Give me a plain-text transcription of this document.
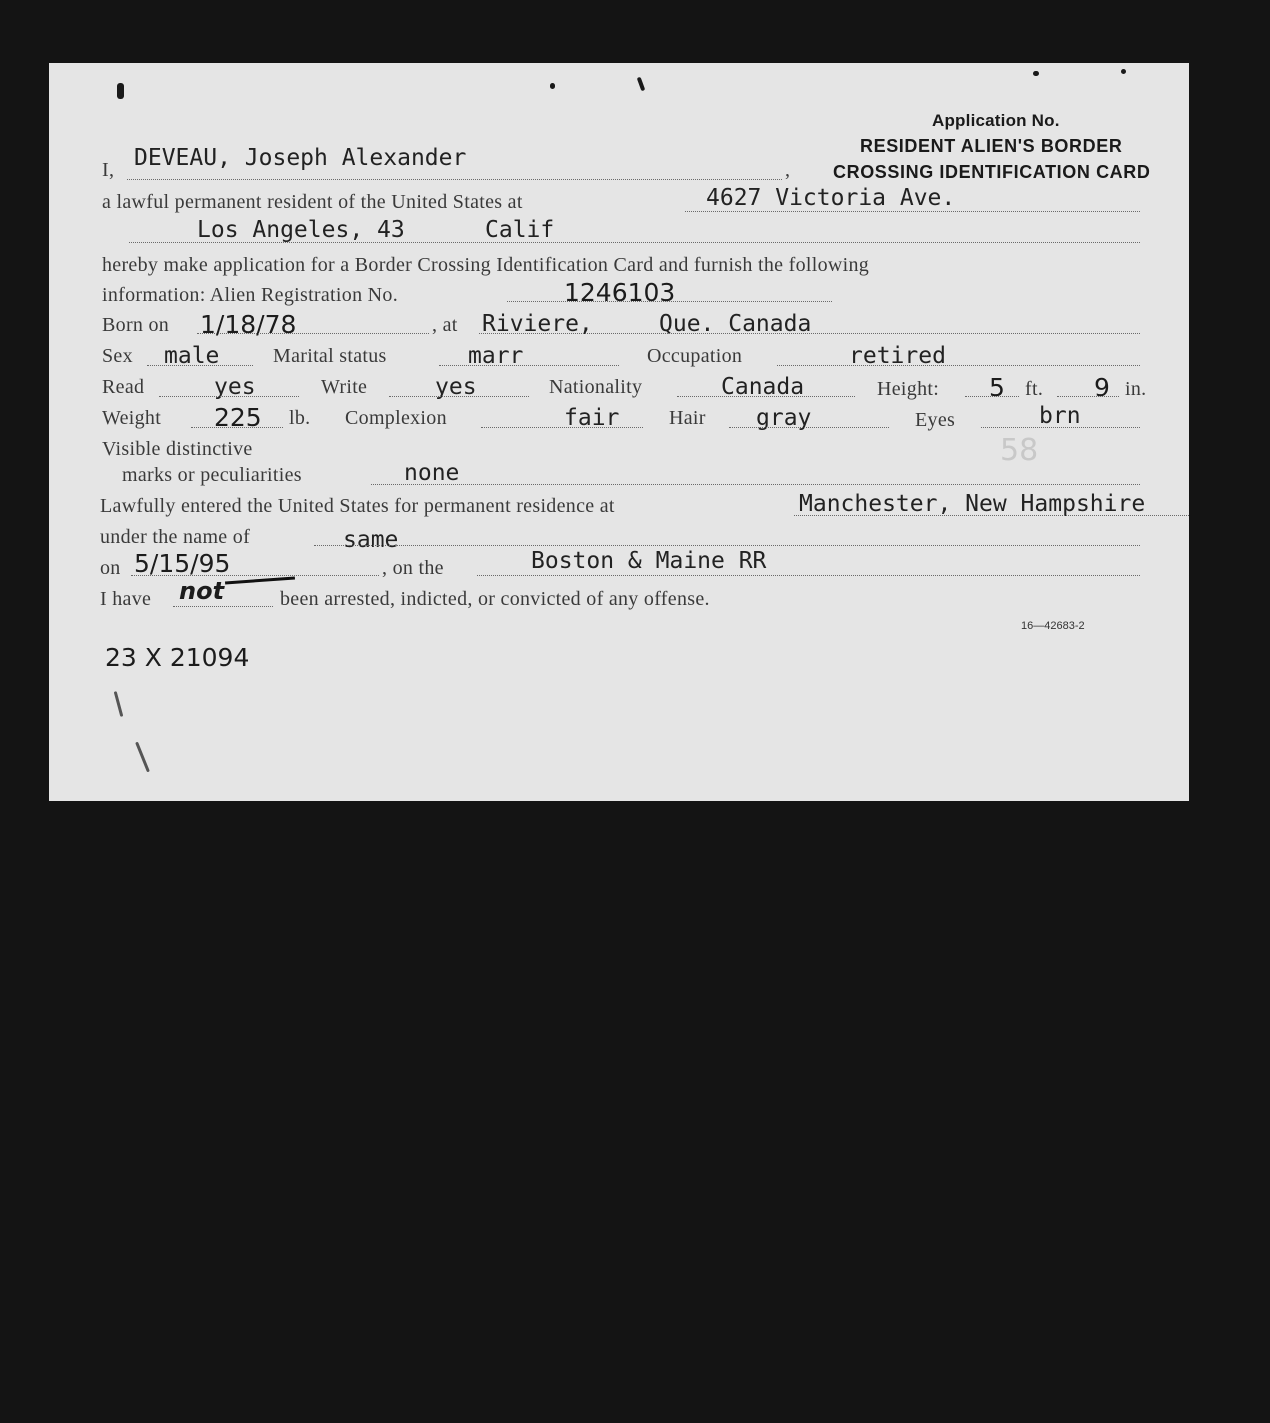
Application No.
RESIDENT ALIEN'S BORDER
CROSSING IDENTIFICATION CARD
I, DEVEAU, Joseph Alexander	,
a lawful permanent resident of the United States at	4627 Victoria Ave.
Los Angeles, 43	Calif
hereby make application for a Border Crossing Identification Card and furnish the following
information: Alien Registration No.	1246103
Born on 1/18/78	, at Riviere,	Que. Canada
Sex male	Marital status	marr	Occupation	retired
Read	yes	Write	yes	Nationality	Canada	Height: 5 ft. 9 in.
Weight 225 lb. Complexion	fair Hair gray	Eyes	brn
Visible distinctive	58
marks or peculiarities	none
Lawfully entered the United States for permanent residence at	Manchester, New Hampshire
under the name of	same
on 5/15/95	, on the	Boston & Maine RR
I have not	been arrested, indicted, or convicted of any offense.
16—42683-2
23 X 21094
